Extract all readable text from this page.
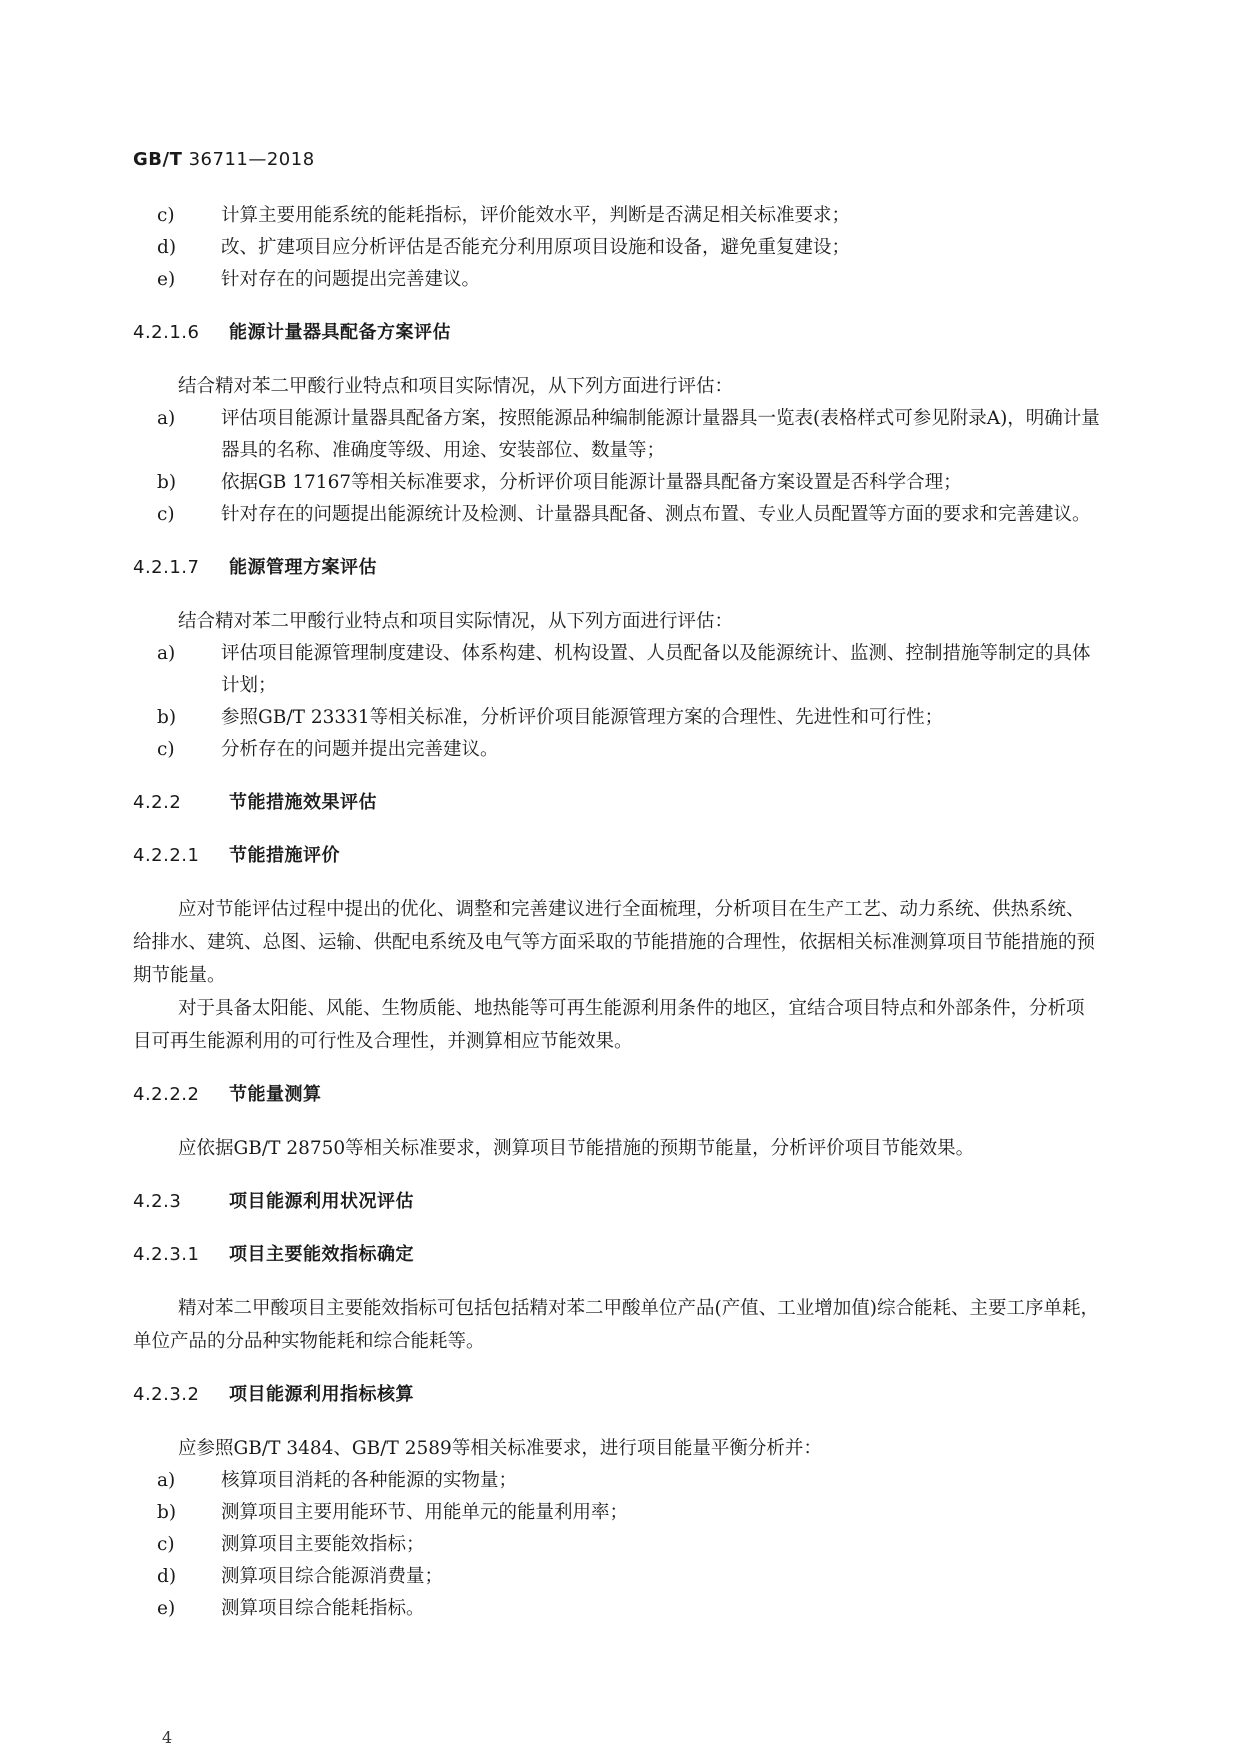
GB/T 36711—2018
c)	计算主要用能系统的能耗指标，评价能效水平，判断是否满足相关标准要求；
d)	改、扩建项目应分析评估是否能充分利用原项目设施和设备，避免重复建设；
e)	针对存在的问题提出完善建议。
4.2.1.6 能源计量器具配备方案评估
结合精对苯二甲酸行业特点和项目实际情况，从下列方面进行评估：
a)	评估项目能源计量器具配备方案，按照能源品种编制能源计量器具一览表(表格样式可参见附录A)，明确计量器具的名称、准确度等级、用途、安装部位、数量等；
b)	依据GB 17167等相关标准要求，分析评价项目能源计量器具配备方案设置是否科学合理；
c)	针对存在的问题提出能源统计及检测、计量器具配备、测点布置、专业人员配置等方面的要求和完善建议。
4.2.1.7 能源管理方案评估
结合精对苯二甲酸行业特点和项目实际情况，从下列方面进行评估：
a)	评估项目能源管理制度建设、体系构建、机构设置、人员配备以及能源统计、监测、控制措施等制定的具体计划；
b)	参照GB/T 23331等相关标准，分析评价项目能源管理方案的合理性、先进性和可行性；
c)	分析存在的问题并提出完善建议。
4.2.2	节能措施效果评估
4.2.2.1 节能措施评价
应对节能评估过程中提出的优化、调整和完善建议进行全面梳理，分析项目在生产工艺、动力系统、供热系统、给排水、建筑、总图、运输、供配电系统及电气等方面采取的节能措施的合理性，依据相关标准测算项目节能措施的预期节能量。
对于具备太阳能、风能、生物质能、地热能等可再生能源利用条件的地区，宜结合项目特点和外部条件，分析项目可再生能源利用的可行性及合理性，并测算相应节能效果。
4.2.2.2 节能量测算
应依据GB/T 28750等相关标准要求，测算项目节能措施的预期节能量，分析评价项目节能效果。
4.2.3	项目能源利用状况评估
4.2.3.1 项目主要能效指标确定
精对苯二甲酸项目主要能效指标可包括包括精对苯二甲酸单位产品(产值、工业增加值)综合能耗、主要工序单耗，单位产品的分品种实物能耗和综合能耗等。
4.2.3.2 项目能源利用指标核算
应参照GB/T 3484、GB/T 2589等相关标准要求，进行项目能量平衡分析并：
a)	核算项目消耗的各种能源的实物量；
b)	测算项目主要用能环节、用能单元的能量利用率；
c)	测算项目主要能效指标；
d)	测算项目综合能源消费量；
e)	测算项目综合能耗指标。
4
